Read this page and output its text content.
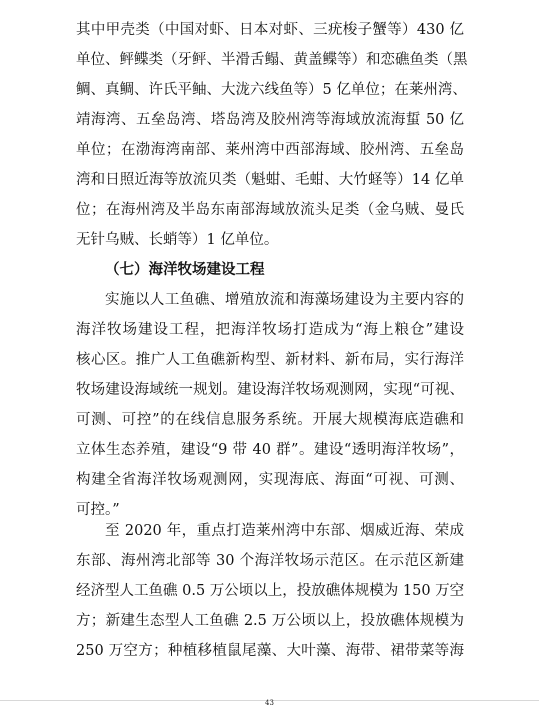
其中甲壳类（中国对虾、日本对虾、三疣梭子蟹等）430 亿
单位、鲆鲽类（牙鲆、半滑舌鳎、黄盖鲽等）和恋礁鱼类（黑
鲷、真鲷、许氏平鲉、大泷六线鱼等）5 亿单位；在莱州湾、
靖海湾、五垒岛湾、塔岛湾及胶州湾等海域放流海蜇 50 亿
单位；在渤海湾南部、莱州湾中西部海域、胶州湾、五垒岛
湾和日照近海等放流贝类（魁蚶、毛蚶、大竹蛏等）14 亿单
位；在海州湾及半岛东南部海域放流头足类（金乌贼、曼氏
无针乌贼、长蛸等）1 亿单位。
（七）海洋牧场建设工程
实施以人工鱼礁、增殖放流和海藻场建设为主要内容的
海洋牧场建设工程，把海洋牧场打造成为“海上粮仓”建设
核心区。推广人工鱼礁新构型、新材料、新布局，实行海洋
牧场建设海域统一规划。建设海洋牧场观测网，实现“可视、
可测、可控”的在线信息服务系统。开展大规模海底造礁和
立体生态养殖，建设“9 带 40 群”。建设“透明海洋牧场”，
构建全省海洋牧场观测网，实现海底、海面“可视、可测、
可控。”
至 2020 年，重点打造莱州湾中东部、烟威近海、荣成
东部、海州湾北部等 30 个海洋牧场示范区。在示范区新建
经济型人工鱼礁 0.5 万公顷以上，投放礁体规模为 150 万空
方；新建生态型人工鱼礁 2.5 万公顷以上，投放礁体规模为
250 万空方；种植移植鼠尾藻、大叶藻、海带、裙带菜等海
43
